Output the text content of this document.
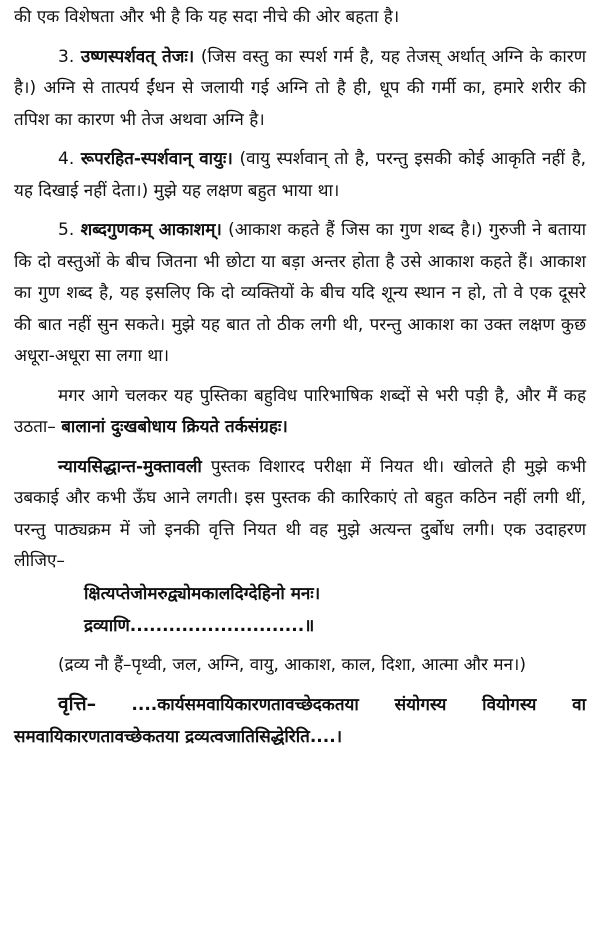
की एक विशेषता और भी है कि यह सदा नीचे की ओर बहता है।

3. उष्णस्पर्शवत् तेजः। (जिस वस्तु का स्पर्श गर्म है, यह तेजस् अर्थात् अग्नि के कारण है।) अग्नि से तात्पर्य ईंधन से जलायी गई अग्नि तो है ही, धूप की गर्मी का, हमारे शरीर की तपिश का कारण भी तेज अथवा अग्नि है।

4. रूपरहित-स्पर्शवान् वायुः। (वायु स्पर्शवान् तो है, परन्तु इसकी कोई आकृति नहीं है, यह दिखाई नहीं देता।) मुझे यह लक्षण बहुत भाया था।

5. शब्दगुणकम् आकाशम्। (आकाश कहते हैं जिस का गुण शब्द है।) गुरुजी ने बताया कि दो वस्तुओं के बीच जितना भी छोटा या बड़ा अन्तर होता है उसे आकाश कहते हैं। आकाश का गुण शब्द है, यह इसलिए कि दो व्यक्तियों के बीच यदि शून्य स्थान न हो, तो वे एक दूसरे की बात नहीं सुन सकते। मुझे यह बात तो ठीक लगी थी, परन्तु आकाश का उक्त लक्षण कुछ अधूरा-अधूरा सा लगा था।

मगर आगे चलकर यह पुस्तिका बहुविध पारिभाषिक शब्दों से भरी पड़ी है, और मैं कह उठता– बालानां दुःखबोधाय क्रियते तर्कसंग्रहः।

न्यायसिद्धान्त-मुक्तावली पुस्तक विशारद परीक्षा में नियत थी। खोलते ही मुझे कभी उबकाई और कभी ऊँघ आने लगती। इस पुस्तक की कारिकाएं तो बहुत कठिन नहीं लगी थीं, परन्तु पाठ्यक्रम में जो इनकी वृत्ति नियत थी वह मुझे अत्यन्त दुर्बोध लगी। एक उदाहरण लीजिए–

क्षित्यप्तेजोमरुद्व्योमकालदिग्देहिनो मनः।

द्रव्याणि...........................॥

(द्रव्य नौ हैं–पृथ्वी, जल, अग्नि, वायु, आकाश, काल, दिशा, आत्मा और मन।)

वृत्ति– ....कार्यसमवायिकारणतावच्छेदकतया संयोगस्य वियोगस्य वा समवायिकारणतावच्छेकतया द्रव्यत्वजातिसिद्धेरिति....।
